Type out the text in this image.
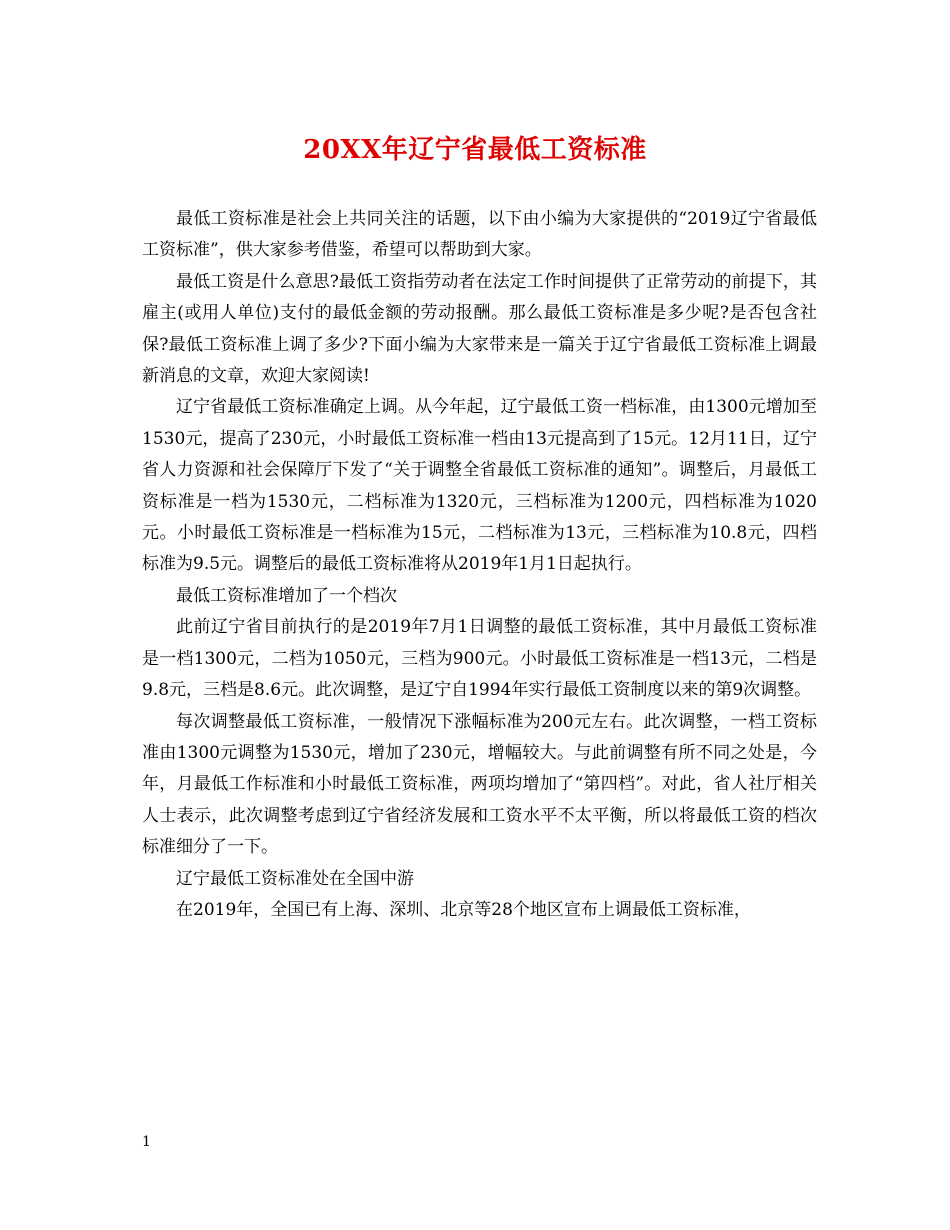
20XX年辽宁省最低工资标准

最低工资标准是社会上共同关注的话题，以下由小编为大家提供的“2019辽宁省最低工资标准”，供大家参考借鉴，希望可以帮助到大家。

最低工资是什么意思?最低工资指劳动者在法定工作时间提供了正常劳动的前提下，其雇主(或用人单位)支付的最低金额的劳动报酬。那么最低工资标准是多少呢?是否包含社保?最低工资标准上调了多少?下面小编为大家带来是一篇关于辽宁省最低工资标准上调最新消息的文章，欢迎大家阅读!

辽宁省最低工资标准确定上调。从今年起，辽宁最低工资一档标准，由1300元增加至1530元，提高了230元，小时最低工资标准一档由13元提高到了15元。12月11日，辽宁省人力资源和社会保障厅下发了“关于调整全省最低工资标准的通知”。调整后，月最低工资标准是一档为1530元，二档标准为1320元，三档标准为1200元，四档标准为1020元。小时最低工资标准是一档标准为15元，二档标准为13元，三档标准为10.8元，四档标准为9.5元。调整后的最低工资标准将从2019年1月1日起执行。

最低工资标准增加了一个档次

此前辽宁省目前执行的是2019年7月1日调整的最低工资标准，其中月最低工资标准是一档1300元，二档为1050元，三档为900元。小时最低工资标准是一档13元，二档是9.8元，三档是8.6元。此次调整，是辽宁自1994年实行最低工资制度以来的第9次调整。

每次调整最低工资标准，一般情况下涨幅标准为200元左右。此次调整，一档工资标准由1300元调整为1530元，增加了230元，增幅较大。与此前调整有所不同之处是，今年，月最低工作标准和小时最低工资标准，两项均增加了“第四档”。对此，省人社厅相关人士表示，此次调整考虑到辽宁省经济发展和工资水平不太平衡，所以将最低工资的档次标准细分了一下。

辽宁最低工资标准处在全国中游

在2019年，全国已有上海、深圳、北京等28个地区宣布上调最低工资标准，

1
